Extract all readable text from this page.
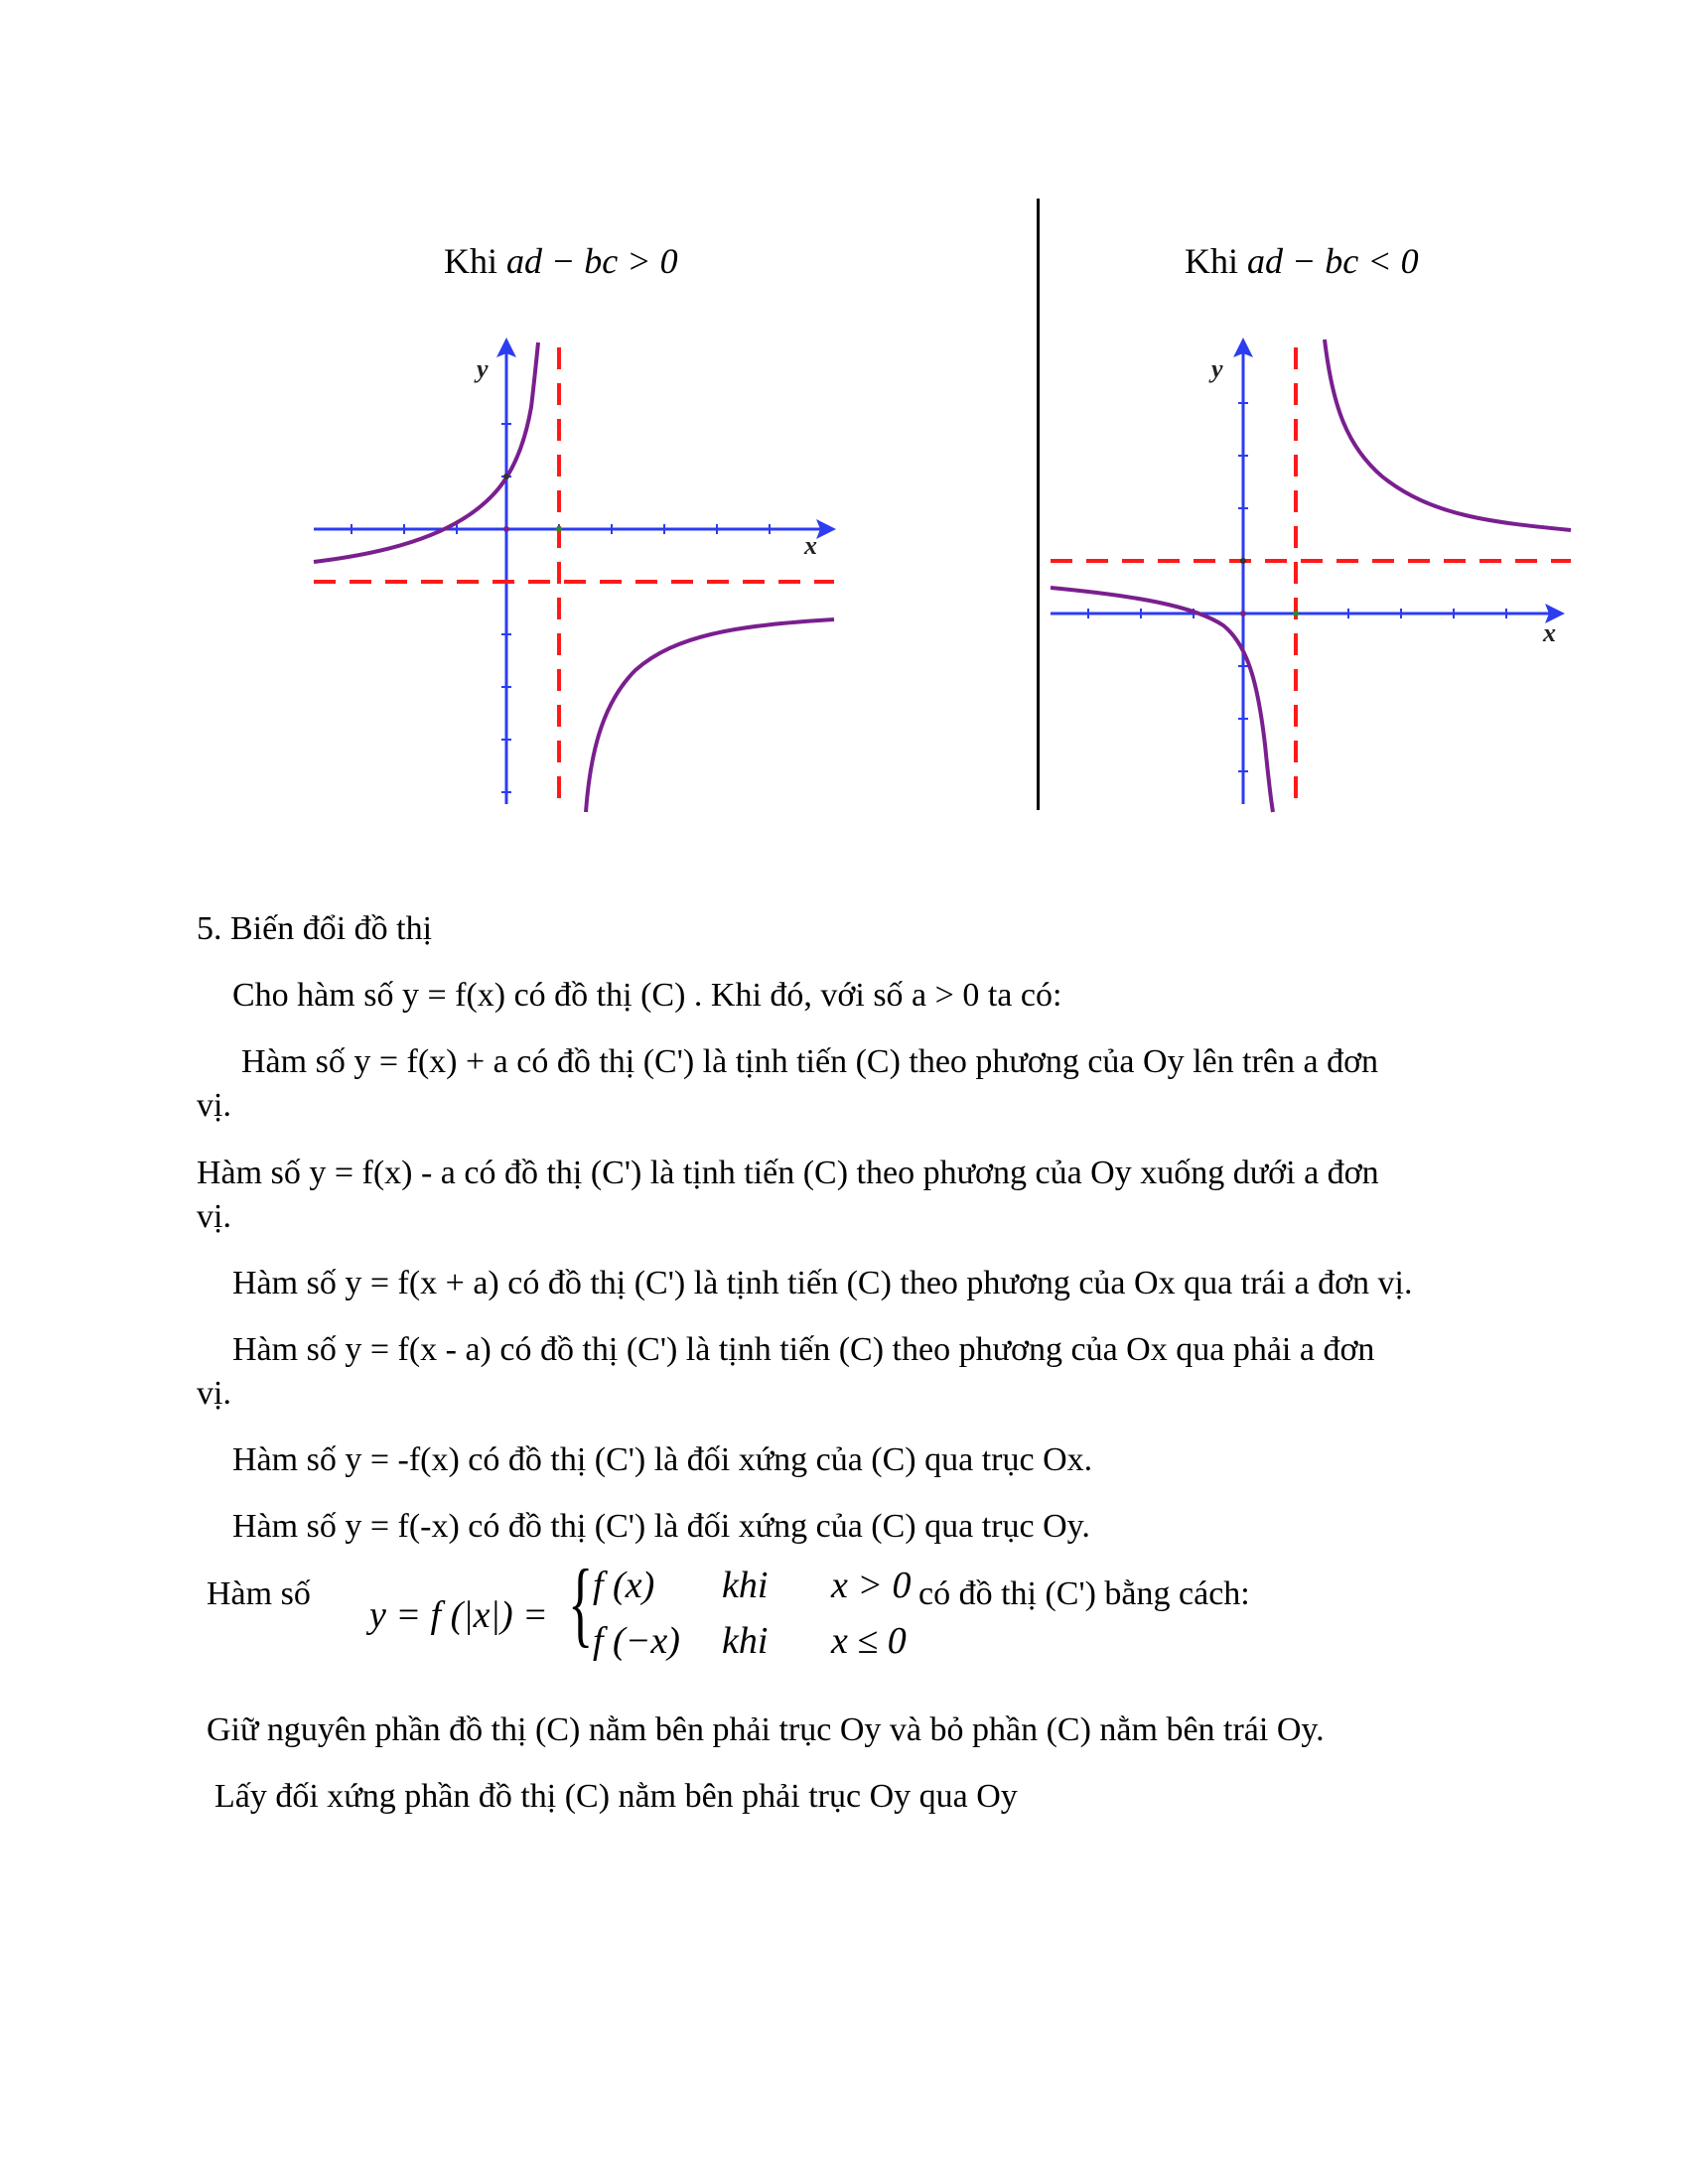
Khi ad − bc > 0	Khi ad − bc < 0
x
y
x
y
5. Biến đổi đồ thị
Cho hàm số y = f(x) có đồ thị (C) . Khi đó, với số a > 0 ta có:
Hàm số y = f(x) + a có đồ thị (C') là tịnh tiến (C) theo phương của Oy lên trên a đơn
vị.
Hàm số y = f(x) - a có đồ thị (C') là tịnh tiến (C) theo phương của Oy xuống dưới a đơn
vị.
Hàm số y = f(x + a) có đồ thị (C') là tịnh tiến (C) theo phương của Ox qua trái a đơn vị.
Hàm số y = f(x - a) có đồ thị (C') là tịnh tiến (C) theo phương của Ox qua phải a đơn
vị.
Hàm số y = -f(x) có đồ thị (C') là đối xứng của (C) qua trục Ox.
Hàm số y = f(-x) có đồ thị (C') là đối xứng của (C) qua trục Oy.
Hàm số
y = f (|x|) = { f (x) khi x > 0
f (−x) khi x ≤ 0
có đồ thị (C') bằng cách:
Giữ nguyên phần đồ thị (C) nằm bên phải trục Oy và bỏ phần (C) nằm bên trái Oy.
Lấy đối xứng phần đồ thị (C) nằm bên phải trục Oy qua Oy
